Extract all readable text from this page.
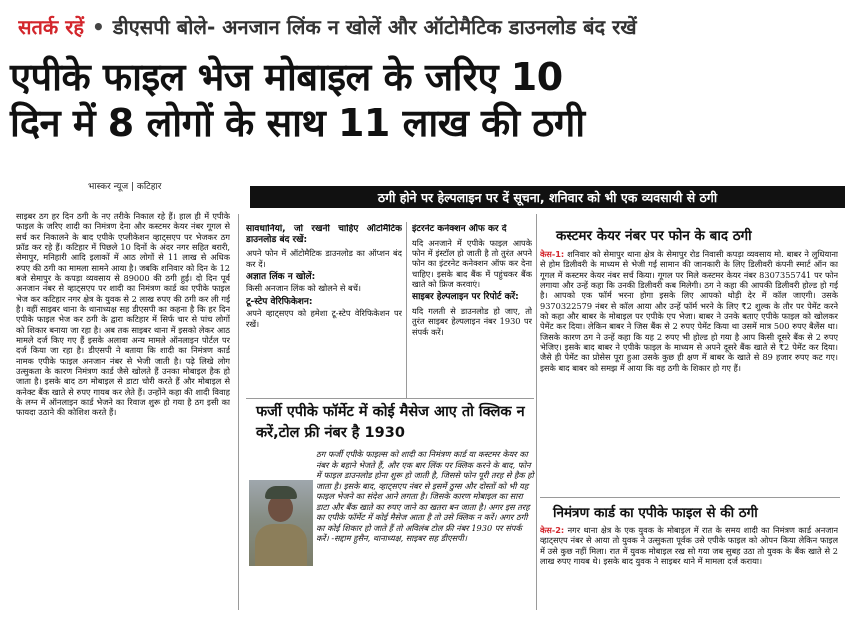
सतर्क रहें • डीएसपी बोले- अनजान लिंक न खोलें और ऑटोमैटिक डाउनलोड बंद रखें
एपीके फाइल भेज मोबाइल के जरिए 10
दिन में 8 लोगों के साथ 11 लाख की ठगी
भास्कर न्यूज | कटिहार
ठगी होने पर हेल्पलाइन पर दें सूचना, शनिवार को भी एक व्यवसायी से ठगी

साइबर ठग हर दिन ठगी के नए तरीके निकाल रहे हैं। हाल ही में एपीके फाइल के जरिए शादी का निमंत्रण देना और कस्टमर केयर नंबर गूगल से सर्च कर निकालने के बाद एपीके एप्लीकेशन व्हाट्सएप पर भेजकर ठग फ्रॉड कर रहे हैं। कटिहार में पिछले 10 दिनों के अंदर नगर सहित बरारी, सेमापुर, मनिहारी आदि इलाकों में आठ लोगों से 11 लाख से अधिक रुपए की ठगी का मामला सामने आया है। जबकि शनिवार को दिन के 12 बजे सेमापुर के कपड़ा व्यवसाय से 89000 की ठगी हुई। दो दिन पूर्व अनजान नंबर से व्हाट्सएप पर शादी का निमंत्रण कार्ड का एपीके फाइल भेज कर कटिहार नगर क्षेत्र के युवक से 2 लाख रुपए की ठगी कर ली गई है। वहीं साइबर थाना के थानाध्यक्ष सह डीएसपी का कहना है कि हर दिन एपीके फाइल भेज कर ठगी के द्वारा कटिहार में सिर्फ चार से पांच लोगों को शिकार बनाया जा रहा है। अब तक साइबर थाना में इसको लेकर आठ मामले दर्ज किए गए हैं इसके अलावा अन्य मामले ऑनलाइन पोर्टल पर दर्ज किया जा रहा है। डीएसपी ने बताया कि शादी का निमंत्रण कार्ड नामक एपीके फाइल अनजान नंबर से भेजी जाती है। पढ़े लिखे लोग उत्सुकता के कारण निमंत्रण कार्ड जैसे खोलते हैं उनका मोबाइल हैक हो जाता है। इसके बाद ठग मोबाइल से डाटा चोरी करते हैं और मोबाइल से कनेक्ट बैंक खाते से रुपए गायब कर लेते हैं। उन्होंने कहा की शादी विवाह के लग्न में ऑनलाइन कार्ड भेजने का रिवाज शुरू हो गया है ठग इसी का फायदा उठाने की कोशिश करते हैं।

सावधानियां, जो रखनी चाहिए ऑटोमैटिक डाउनलोड बंद रखें:

अपने फोन में ऑटोमैटिक डाउनलोड का ऑप्शन बंद कर दें।

अज्ञात लिंक न खोलें:

किसी अनजान लिंक को खोलने से बचें।

टू-स्टेप वेरिफिकेशन:

अपने व्हाट्सएप को हमेशा टू-स्टेप वेरिफिकेशन पर रखें।

इंटरनेट कनेक्शन ऑफ कर दें

यदि अनजाने में एपीके फाइल आपके फोन में इंस्टॉल हो जाती है तो तुरंत अपने फोन का इंटरनेट कनेक्शन ऑफ कर देना चाहिए। इसके बाद बैंक में पहुंचकर बैंक खाते को फ्रिज करवाएं।

साइबर हेल्पलाइन पर रिपोर्ट करें:

यदि गलती से डाउनलोड हो जाए, तो तुरंत साइबर हेल्पलाइन नंबर 1930 पर संपर्क करें।

फर्जी एपीके फॉर्मेट में कोई मैसेज आए तो क्लिक न करें,टोल फ्री नंबर है 1930
ठग फर्जी एपीके फाइल्स को शादी का निमंत्रण कार्ड या कस्टमर केयर का नंबर के बहाने भेजते हैं, और एक बार लिंक पर क्लिक करने के बाद, फोन में फाइल डाउनलोड होना शुरू हो जाती है, जिससे फोन पूरी तरह से हैक हो जाता है। इसके बाद, व्हाट्सएप नंबर से इसमें ठुग्स और दोस्तों को भी यह फाइल भेजने का संदेश आने लगता है। जिसके कारण मोबाइल का सारा डाटा और बैंक खाते का रुपए जाने का खतरा बन जाता है। अगर इस तरह का एपीके फॉर्मेट में कोई मैसेज आता है तो उसे क्लिक न करें। अगर ठगी का कोई शिकार हो जाते हैं तो अविलंब टोल फ्री नंबर 1930 पर संपर्क करें। -सद्दाम हुसैन, थानाध्यक्ष, साइबर सह डीएसपी।
कस्टमर केयर नंबर पर फोन के बाद ठगी

केस-1: शनिवार को सेमापुर थाना क्षेत्र के सेमापुर रोड निवासी कपड़ा व्यवसाय मो. बाबर ने लुधियाना से होम डिलीवरी के माध्यम से भेजी गई सामान की जानकारी के लिए डिलीवरी कंपनी स्मार्ट ऑन का गूगल में कस्टमर केयर नंबर सर्च किया। गूगल पर मिले कस्टमर केयर नंबर 8307355741 पर फोन लगाया और उन्हें कहा कि उनकी डिलीवरी कब मिलेगी। ठग ने कहा की आपकी डिलीवरी होल्ड हो गई है। आपको एक फॉर्म भरना होगा इसके लिए आपको थोड़ी देर में कॉल जाएगी। उसके 9370322579 नंबर से कॉल आया और उन्हें फॉर्म भरने के लिए ₹2 शुल्क के तौर पर पेमेंट करने को कहा और बाबर के मोबाइल पर एपीके एप भेजा। बाबर ने उनके बताए एपीके फाइल को खोलकर पेमेंट कर दिया। लेकिन बाबर ने जिस बैंक से 2 रुपए पेमेंट किया था उसमें मात्र 500 रुपए बैलेंस था। जिसके कारण ठग ने उन्हें कहा कि यह 2 रुपए भी होल्ड हो गया है आप किसी दूसरे बैंक से 2 रुपए भेजिए। इसके बाद बाबर ने एपीके फाइल के माध्यम से अपने दूसरे बैंक खाते से ₹2 पेमेंट कर दिया। जैसे ही पेमेंट का प्रोसेस पूरा हुआ उसके कुछ ही क्षण में बाबर के खाते से 89 हजार रुपए कट गए। इसके बाद बाबर को समझ में आया कि वह ठगी के शिकार हो गए हैं।

निमंत्रण कार्ड का एपीके फाइल से की ठगी

केस-2: नगर थाना क्षेत्र के एक युवक के मोबाइल में रात के समय शादी का निमंत्रण कार्ड अनजान व्हाट्सएप नंबर से आया तो युवक ने उत्सुकता पूर्वक उसे एपीके फाइल को ओपन किया लेकिन फाइल में उसे कुछ नहीं मिला। रात में युवक मोबाइल रख सो गया जब सुबह उठा तो युवक के बैंक खाते से 2 लाख रुपए गायब थे। इसके बाद युवक ने साइबर थाने में मामला दर्ज कराया।
